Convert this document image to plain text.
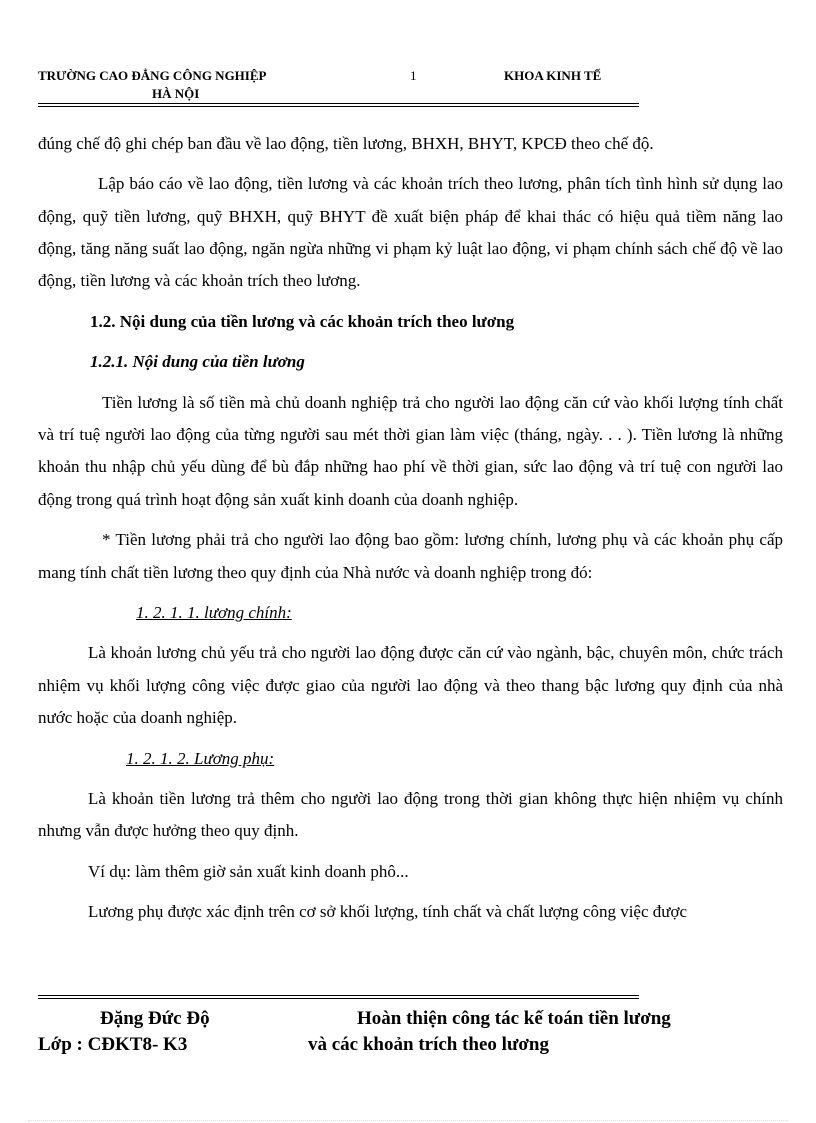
TRƯỜNG CAO ĐẲNG CÔNG NGHIỆP
HÀ NỘI
1	KHOA KINH TẾ

đúng chế độ ghi chép ban đầu về lao động, tiền lương, BHXH, BHYT, KPCĐ theo chế độ.

Lập báo cáo về lao động, tiền lương và các khoản trích theo lương, phân tích tình hình sử dụng lao động, quỹ tiền lương, quỹ BHXH, quỹ BHYT đề xuất biện pháp để khai thác có hiệu quả tiềm năng lao động, tăng năng suất lao động, ngăn ngừa những vi phạm kỷ luật lao động, vi phạm chính sách chế độ về lao động, tiền lương và các khoản trích theo lương.

1.2. Nội dung của tiền lương và các khoản trích theo lương

1.2.1. Nội dung của tiền lương

Tiền lương là số tiền mà chủ doanh nghiệp trả cho người lao động căn cứ vào khối lượng tính chất và trí tuệ người lao động của từng người sau mét thời gian làm việc (tháng, ngày. . . ). Tiền lương là những khoản thu nhập chủ yếu dùng để bù đắp những hao phí về thời gian, sức lao động và trí tuệ con người lao động trong quá trình hoạt động sản xuất kinh doanh của doanh nghiệp.

* Tiền lương phải trả cho người lao động bao gồm: lương chính, lương phụ và các khoản phụ cấp mang tính chất tiền lương theo quy định của Nhà nước và doanh nghiệp trong đó:

1. 2. 1. 1. lương chính:

Là khoản lương chủ yếu trả cho người lao động được căn cứ vào ngành, bậc, chuyên môn, chức trách nhiệm vụ khối lượng công việc được giao của người lao động và theo thang bậc lương quy định của nhà nước hoặc của doanh nghiệp.

1. 2. 1. 2. Lương phụ:

Là khoản tiền lương trả thêm cho người lao động trong thời gian không thực hiện nhiệm vụ chính nhưng vẫn được hưởng theo quy định.

Ví dụ: làm thêm giờ sản xuất kinh doanh phô...

Lương phụ được xác định trên cơ sở khối lượng, tính chất và chất lượng công việc được

Đặng Đức Độ
Lớp : CĐKT8- K3
Hoàn thiện công tác kế toán tiền lương
và các khoản trích theo lương
